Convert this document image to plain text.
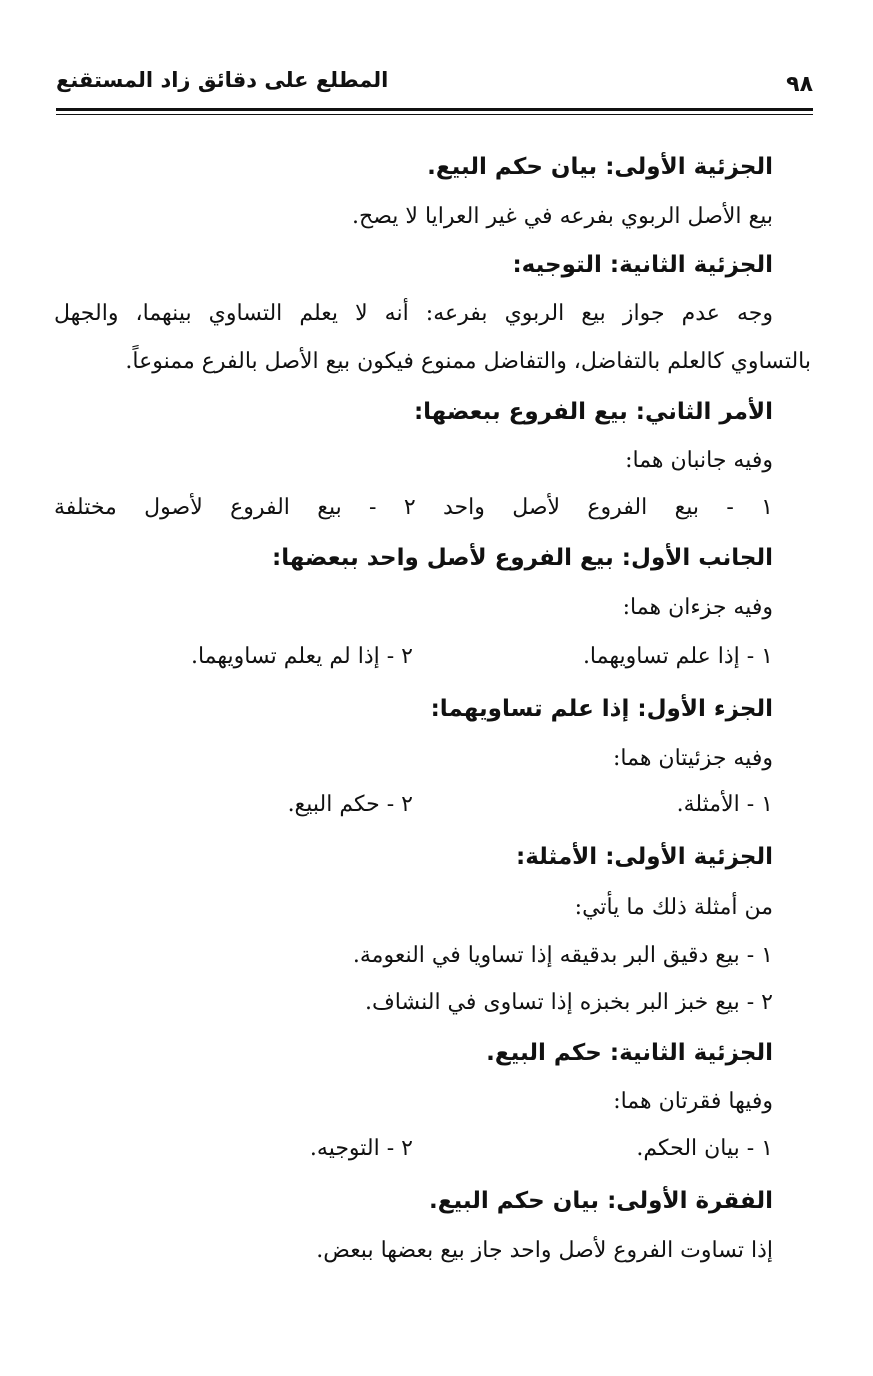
المطلع على دقائق زاد المستقنع	٩٨
الجزئية الأولى: بيان حكم البيع.
بيع الأصل الربوي بفرعه في غير العرايا لا يصح.
الجزئية الثانية: التوجيه:
وجه عدم جواز بيع الربوي بفرعه: أنه لا يعلم التساوي بينهما، والجهل
بالتساوي كالعلم بالتفاضل، والتفاضل ممنوع فيكون بيع الأصل بالفرع ممنوعاً.
الأمر الثاني: بيع الفروع ببعضها:
وفيه جانبان هما:
١ - بيع الفروع لأصل واحد ٢ - بيع الفروع لأصول مختلفة
الجانب الأول: بيع الفروع لأصل واحد ببعضها:
وفيه جزءان هما:
١ - إذا علم تساويهما.
٢ - إذا لم يعلم تساويهما.
الجزء الأول: إذا علم تساويهما:
وفيه جزئيتان هما:
١ - الأمثلة.
٢ - حكم البيع.
الجزئية الأولى: الأمثلة:
من أمثلة ذلك ما يأتي:
١ - بيع دقيق البر بدقيقه إذا تساويا في النعومة.
٢ - بيع خبز البر بخبزه إذا تساوى في النشاف.
الجزئية الثانية: حكم البيع.
وفيها فقرتان هما:
١ - بيان الحكم.
٢ - التوجيه.
الفقرة الأولى: بيان حكم البيع.
إذا تساوت الفروع لأصل واحد جاز بيع بعضها ببعض.
